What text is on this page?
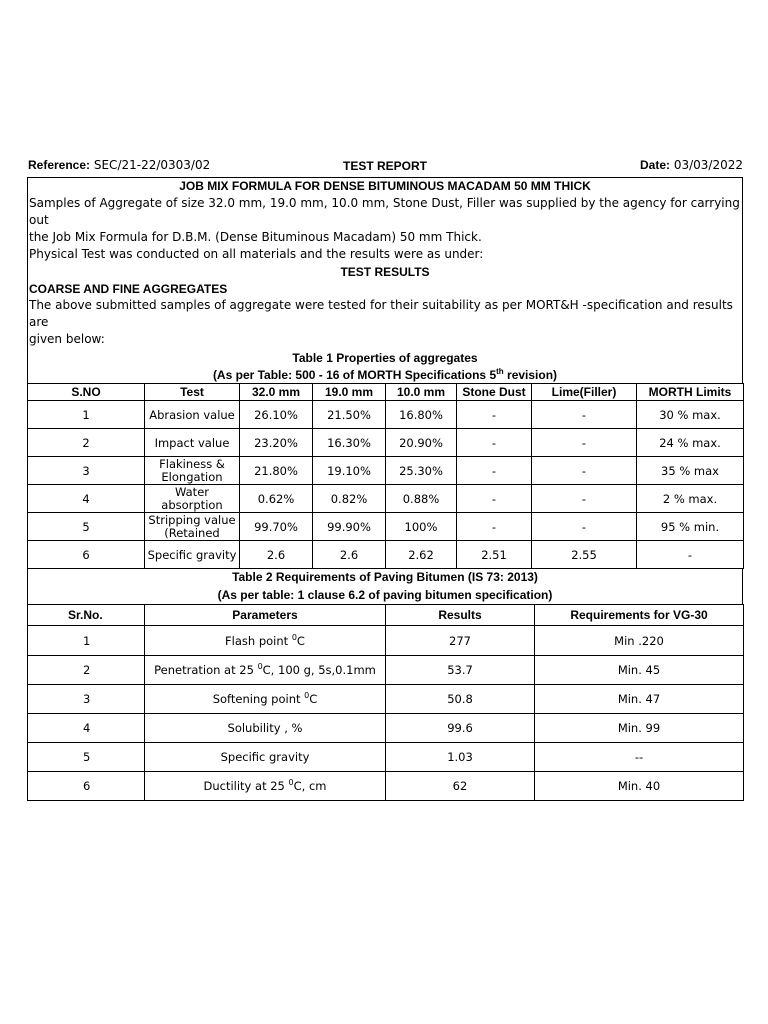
Reference: SEC/21-22/0303/02	TEST REPORT	Date: 03/03/2022
JOB MIX FORMULA FOR DENSE BITUMINOUS MACADAM 50 MM THICK
Samples of Aggregate of size 32.0 mm, 19.0 mm, 10.0 mm, Stone Dust, Filler was supplied by the agency for carrying out
the Job Mix Formula for D.B.M. (Dense Bituminous Macadam) 50 mm Thick.
Physical Test was conducted on all materials and the results were as under:
TEST RESULTS
COARSE AND FINE AGGREGATES
The above submitted samples of aggregate were tested for their suitability as per MORT&H -specification and results are
given below:
Table 1 Properties of aggregates
(As per Table: 500 - 16 of MORTH Specifications 5th revision)
S.NO	Test	32.0 mm	19.0 mm	10.0 mm	Stone Dust	Lime(Filler)	MORTH Limits
1	Abrasion value	26.10%	21.50%	16.80%	-	-	30 % max.
2	Impact value	23.20%	16.30%	20.90%	-	-	24 % max.
3	Flakiness & Elongation	21.80%	19.10%	25.30%	-	-	35 % max
4	Water absorption	0.62%	0.82%	0.88%	-	-	2 % max.
5	Stripping value (Retained	99.70%	99.90%	100%	-	-	95 % min.
6	Specific gravity	2.6	2.6	2.62	2.51	2.55	-
Table 2 Requirements of Paving Bitumen (IS 73: 2013)
(As per table: 1 clause 6.2 of paving bitumen specification)
Sr.No.	Parameters	Results	Requirements for VG-30
1	Flash point $^0$C	277	Min .220
2	Penetration at 25 $^0$C, 100 g, 5s,0.1mm	53.7	Min. 45
3	Softening point $^0$C	50.8	Min. 47
4	Solubility , %	99.6	Min. 99
5	Specific gravity	1.03	--
6	Ductility at 25 $^0$C, cm	62	Min. 40
